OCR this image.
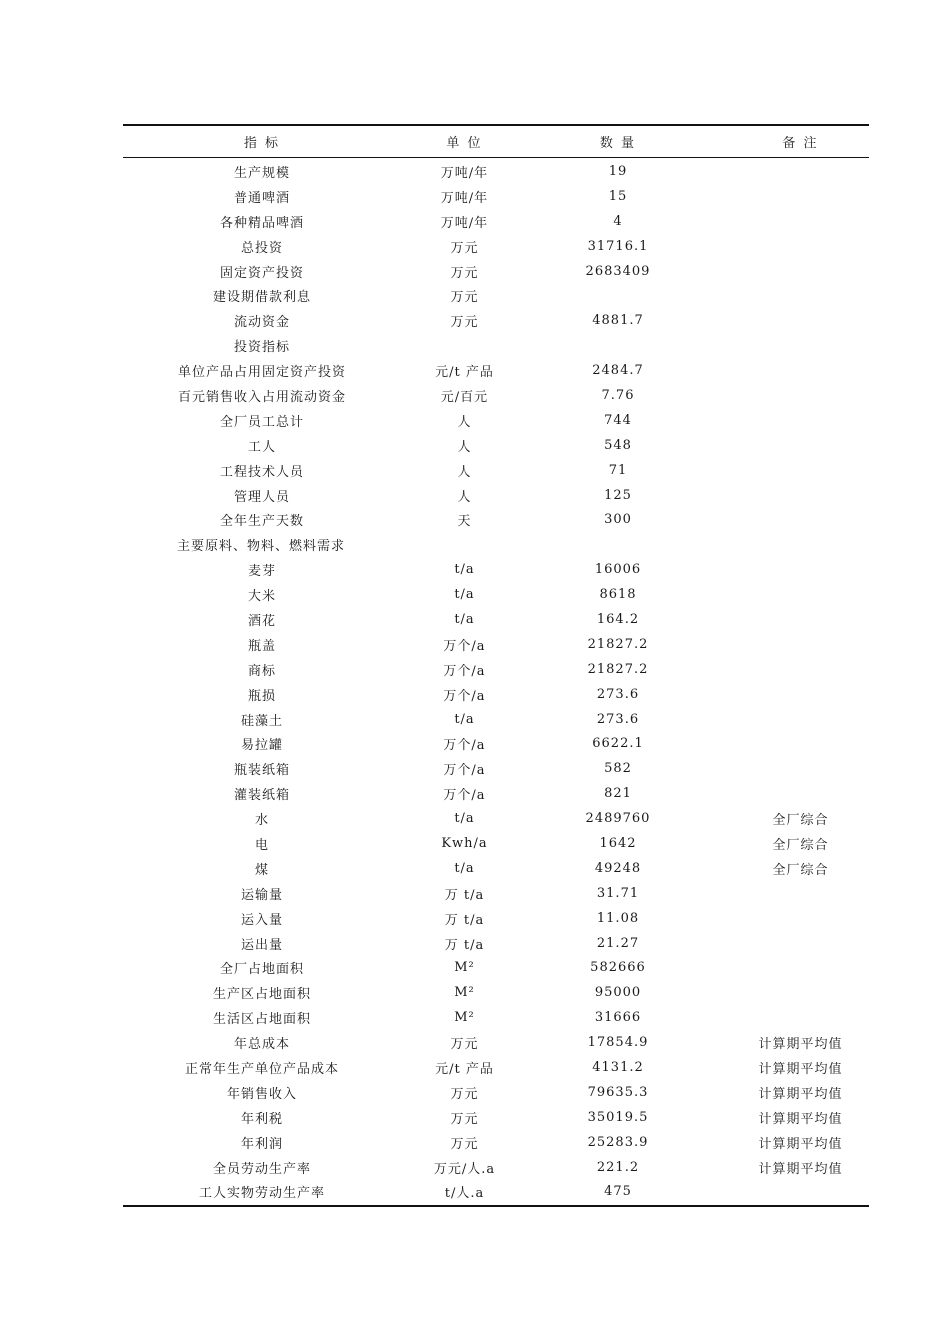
指 标	单 位	数 量	备 注
生产规模	万吨/年	19
普通啤酒	万吨/年	15
各种精品啤酒	万吨/年	4
总投资	万元	31716.1
固定资产投资	万元	2683409
建设期借款利息	万元
流动资金	万元	4881.7
投资指标
单位产品占用固定资产投资	元/t 产品	2484.7
百元销售收入占用流动资金	元/百元	7.76
全厂员工总计	人	744
工人	人	548
工程技术人员	人	71
管理人员	人	125
全年生产天数	天	300
主要原料、物料、燃料需求
麦芽	t/a	16006
大米	t/a	8618
酒花	t/a	164.2
瓶盖	万个/a	21827.2
商标	万个/a	21827.2
瓶损	万个/a	273.6
硅藻土	t/a	273.6
易拉罐	万个/a	6622.1
瓶装纸箱	万个/a	582
灌装纸箱	万个/a	821
水	t/a	2489760	全厂综合
电	Kwh/a	1642	全厂综合
煤	t/a	49248	全厂综合
运输量	万 t/a	31.71
运入量	万 t/a	11.08
运出量	万 t/a	21.27
全厂占地面积	M²	582666
生产区占地面积	M²	95000
生活区占地面积	M²	31666
年总成本	万元	17854.9	计算期平均值
正常年生产单位产品成本	元/t 产品	4131.2	计算期平均值
年销售收入	万元	79635.3	计算期平均值
年利税	万元	35019.5	计算期平均值
年利润	万元	25283.9	计算期平均值
全员劳动生产率	万元/人.a	221.2	计算期平均值
工人实物劳动生产率	t/人.a	475
